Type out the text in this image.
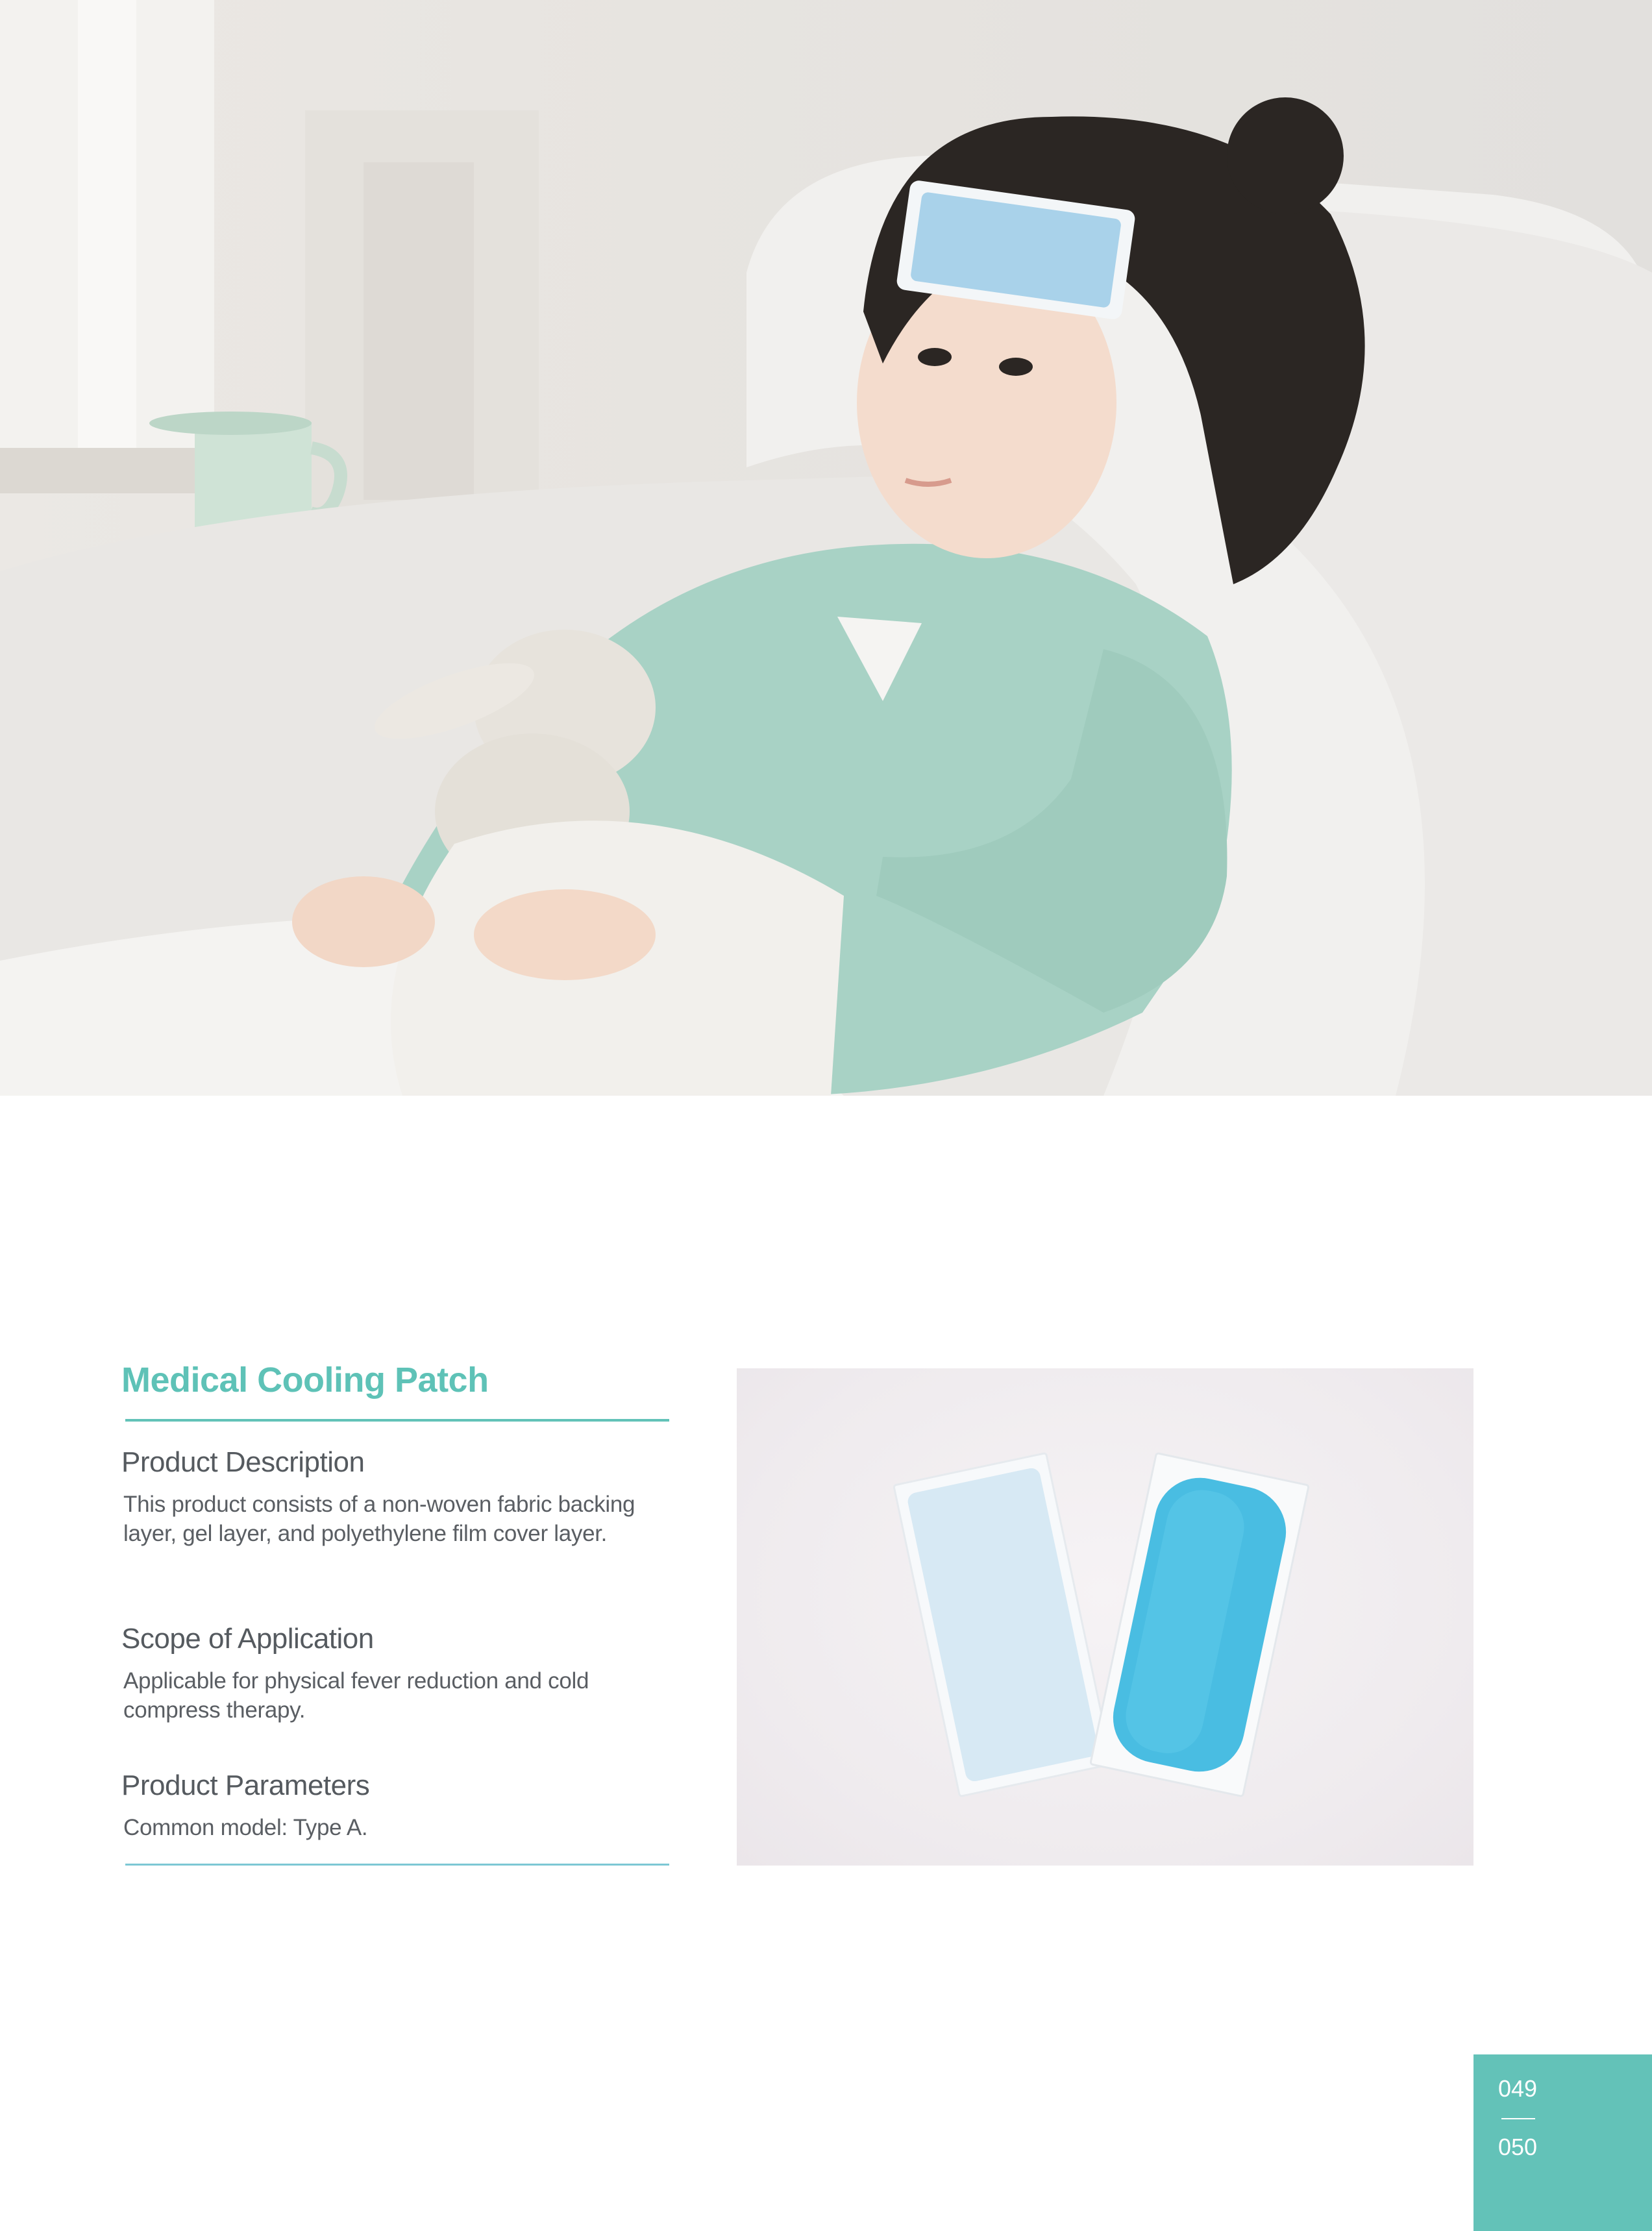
Medical Cooling Patch
Product Description
This product consists of a non-woven fabric backing layer, gel layer, and polyethylene film cover layer.
Scope of Application
Applicable for physical fever reduction and cold compress therapy.
Product Parameters
Common model: Type A.
049
050
